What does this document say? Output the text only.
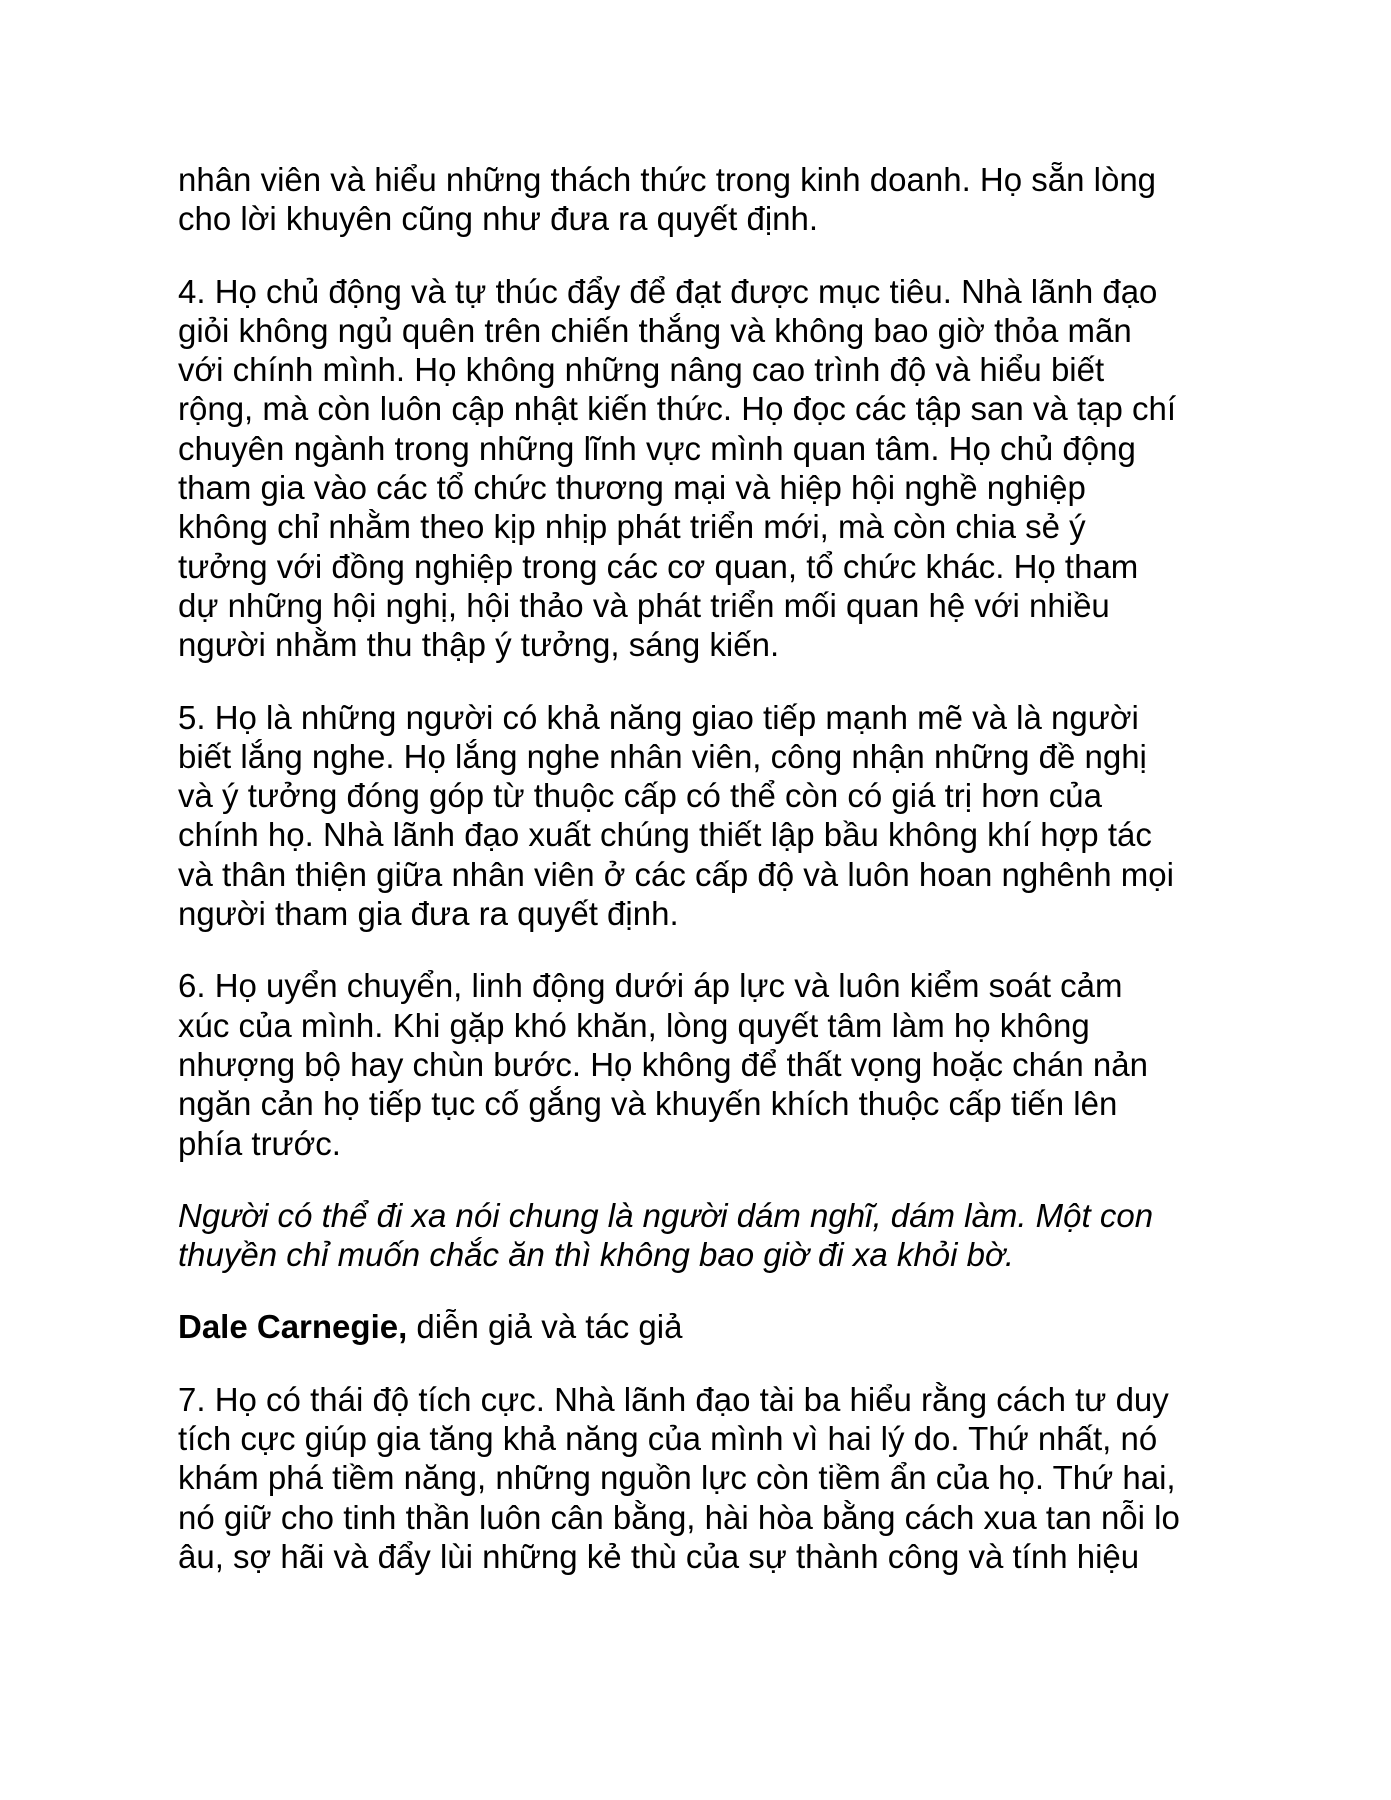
nhân viên và hiểu những thách thức trong kinh doanh. Họ sẵn lòng
cho lời khuyên cũng như đưa ra quyết định.

4. Họ chủ động và tự thúc đẩy để đạt được mục tiêu. Nhà lãnh đạo
giỏi không ngủ quên trên chiến thắng và không bao giờ thỏa mãn
với chính mình. Họ không những nâng cao trình độ và hiểu biết
rộng, mà còn luôn cập nhật kiến thức. Họ đọc các tập san và tạp chí
chuyên ngành trong những lĩnh vực mình quan tâm. Họ chủ động
tham gia vào các tổ chức thương mại và hiệp hội nghề nghiệp
không chỉ nhằm theo kịp nhịp phát triển mới, mà còn chia sẻ ý
tưởng với đồng nghiệp trong các cơ quan, tổ chức khác. Họ tham
dự những hội nghị, hội thảo và phát triển mối quan hệ với nhiều
người nhằm thu thập ý tưởng, sáng kiến.

5. Họ là những người có khả năng giao tiếp mạnh mẽ và là người
biết lắng nghe. Họ lắng nghe nhân viên, công nhận những đề nghị
và ý tưởng đóng góp từ thuộc cấp có thể còn có giá trị hơn của
chính họ. Nhà lãnh đạo xuất chúng thiết lập bầu không khí hợp tác
và thân thiện giữa nhân viên ở các cấp độ và luôn hoan nghênh mọi
người tham gia đưa ra quyết định.

6. Họ uyển chuyển, linh động dưới áp lực và luôn kiểm soát cảm
xúc của mình. Khi gặp khó khăn, lòng quyết tâm làm họ không
nhượng bộ hay chùn bước. Họ không để thất vọng hoặc chán nản
ngăn cản họ tiếp tục cố gắng và khuyến khích thuộc cấp tiến lên
phía trước.

Người có thể đi xa nói chung là người dám nghĩ, dám làm. Một con
thuyền chỉ muốn chắc ăn thì không bao giờ đi xa khỏi bờ.

Dale Carnegie, diễn giả và tác giả

7. Họ có thái độ tích cực. Nhà lãnh đạo tài ba hiểu rằng cách tư duy
tích cực giúp gia tăng khả năng của mình vì hai lý do. Thứ nhất, nó
khám phá tiềm năng, những nguồn lực còn tiềm ẩn của họ. Thứ hai,
nó giữ cho tinh thần luôn cân bằng, hài hòa bằng cách xua tan nỗi lo
âu, sợ hãi và đẩy lùi những kẻ thù của sự thành công và tính hiệu
